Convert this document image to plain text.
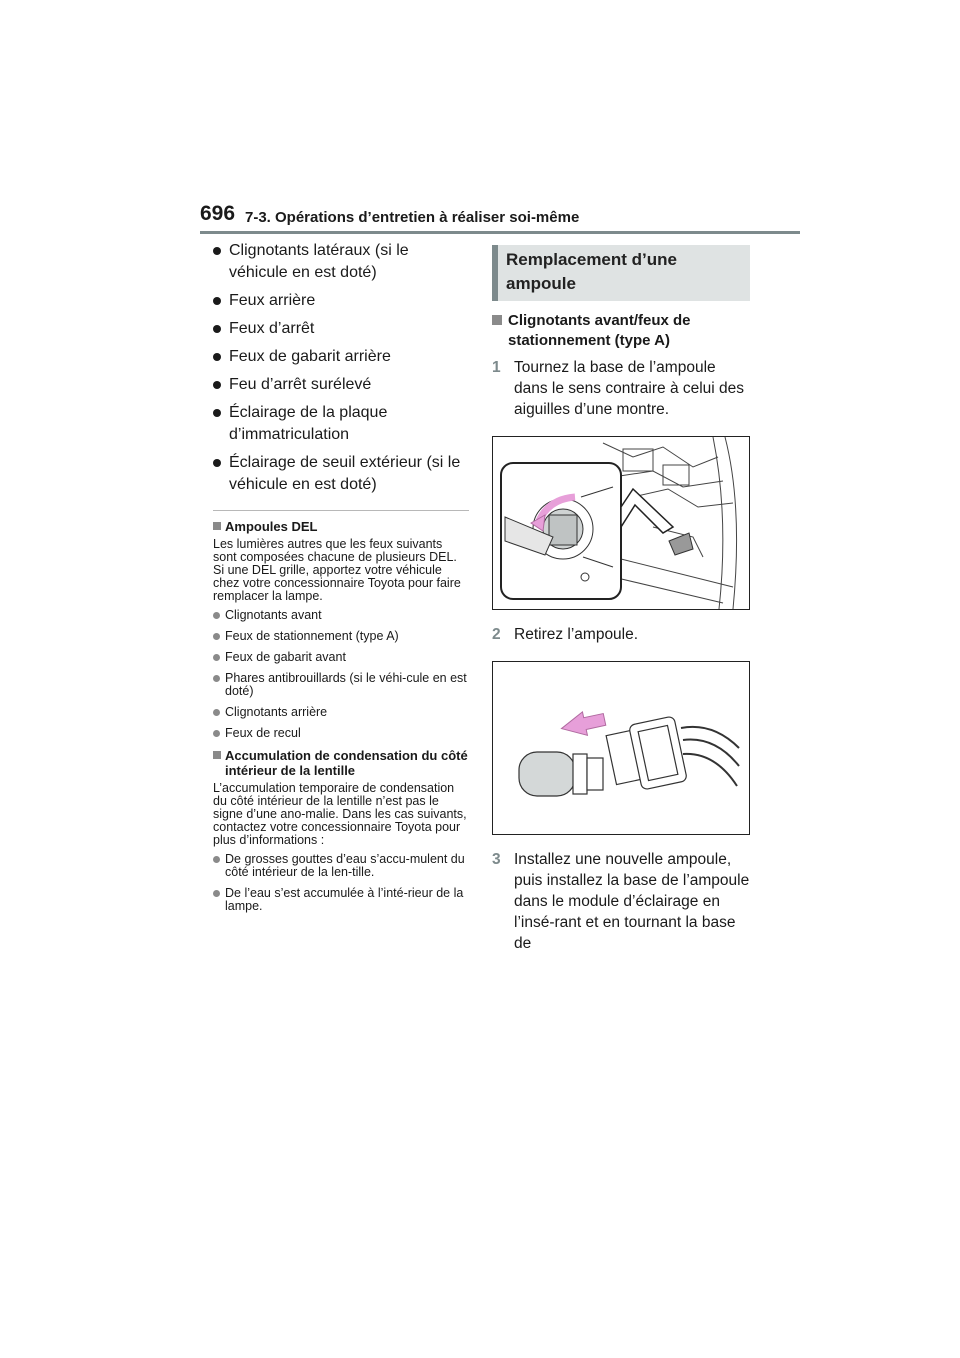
696 7-3. Opérations d’entretien à réaliser soi-même
Clignotants latéraux (si le véhicule en est doté)
Feux arrière
Feux d’arrêt
Feux de gabarit arrière
Feu d’arrêt surélevé
Éclairage de la plaque d’immatriculation
Éclairage de seuil extérieur (si le véhicule en est doté)
Ampoules DEL

Les lumières autres que les feux suivants sont composées chacune de plusieurs DEL. Si une DEL grille, apportez votre véhicule chez votre concessionnaire Toyota pour faire remplacer la lampe.

Clignotants avant
Feux de stationnement (type A)
Feux de gabarit avant
Phares antibrouillards (si le véhi-cule en est doté)
Clignotants arrière
Feux de recul
Accumulation de condensation du côté intérieur de la lentille

L’accumulation temporaire de condensation du côté intérieur de la lentille n’est pas le signe d’une ano-malie. Dans les cas suivants, contactez votre concessionnaire Toyota pour plus d’informations :

De grosses gouttes d’eau s’accu-mulent du côté intérieur de la len-tille.
De l’eau s’est accumulée à l’inté-rieur de la lampe.
Remplacement d’une ampoule
Clignotants avant/feux de stationnement (type A)
1 Tournez la base de l’ampoule dans le sens contraire à celui des aiguilles d’une montre.
2 Retirez l’ampoule.
3 Installez une nouvelle ampoule, puis installez la base de l’ampoule dans le module d’éclairage en l’insé-rant et en tournant la base de
